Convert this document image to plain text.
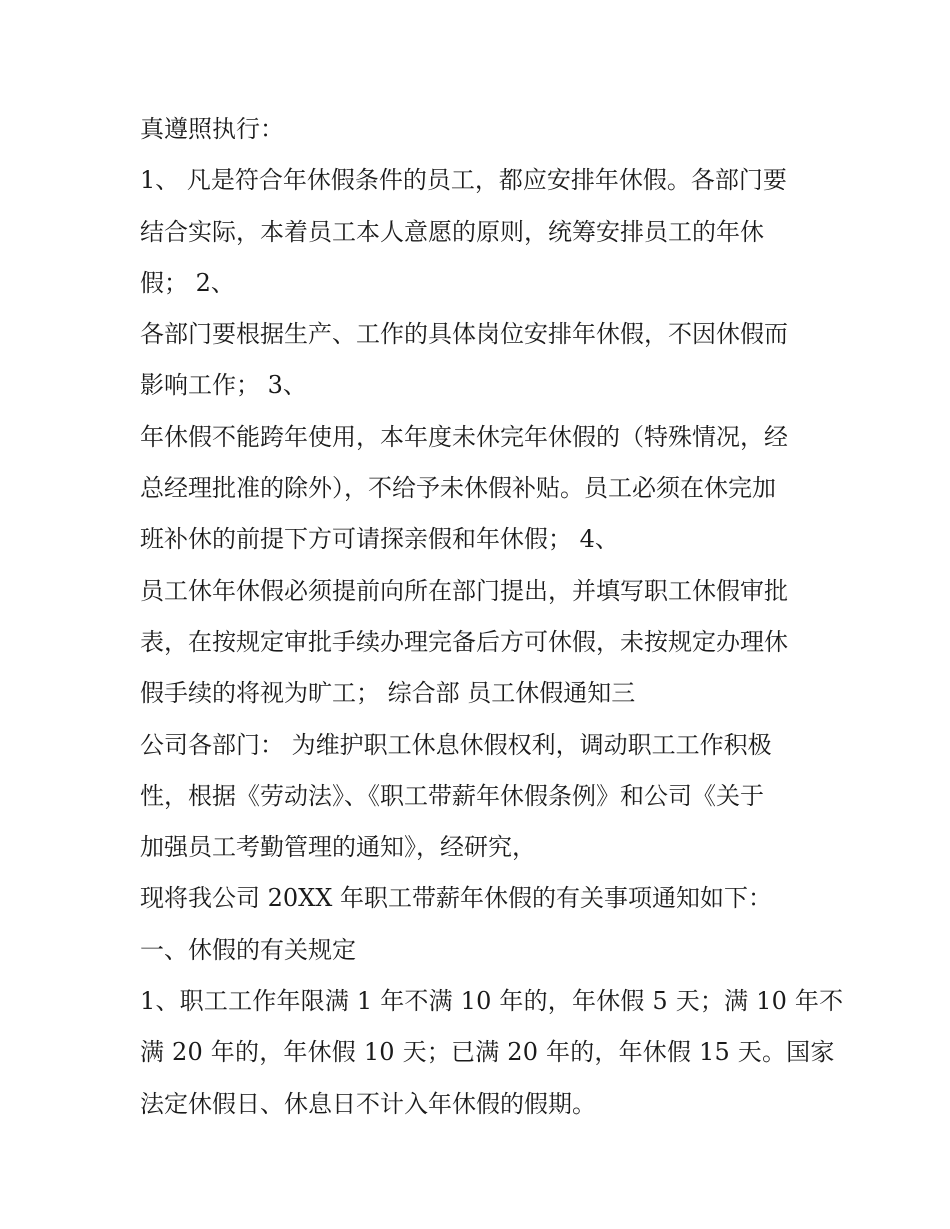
真遵照执行：
1、 凡是符合年休假条件的员工，都应安排年休假。各部门要
结合实际，本着员工本人意愿的原则，统筹安排员工的年休
假； 2、
各部门要根据生产、工作的具体岗位安排年休假，不因休假而
影响工作； 3、
年休假不能跨年使用，本年度未休完年休假的（特殊情况，经
总经理批准的除外），不给予未休假补贴。员工必须在休完加
班补休的前提下方可请探亲假和年休假； 4、
员工休年休假必须提前向所在部门提出，并填写职工休假审批
表，在按规定审批手续办理完备后方可休假，未按规定办理休
假手续的将视为旷工； 综合部 员工休假通知三
公司各部门： 为维护职工休息休假权利，调动职工工作积极
性，根据《劳动法》、《职工带薪年休假条例》和公司《关于
加强员工考勤管理的通知》，经研究，
现将我公司 20XX 年职工带薪年休假的有关事项通知如下：
一、休假的有关规定
1、职工工作年限满 1 年不满 10 年的，年休假 5 天；满 10 年不
满 20 年的，年休假 10 天；已满 20 年的，年休假 15 天。国家
法定休假日、休息日不计入年休假的假期。
